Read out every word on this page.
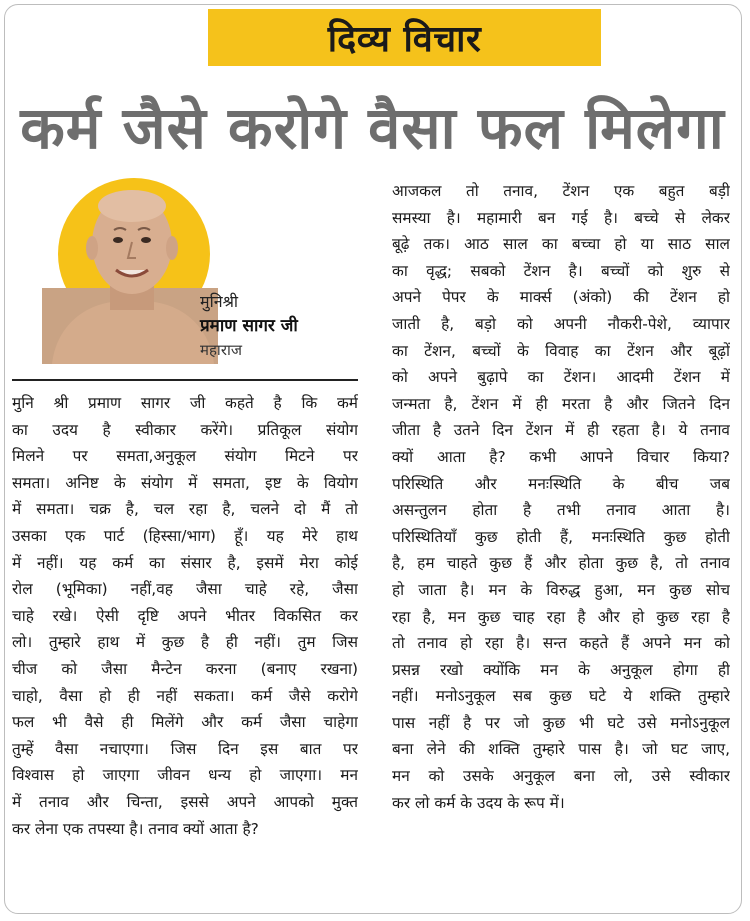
दिव्य विचार
कर्म जैसे करोगे वैसा फल मिलेगा
मुनिश्री
प्रमाण सागर जी
महाराज
मुनि श्री प्रमाण सागर जी कहते है कि कर्म
का उदय है स्वीकार करेंगे। प्रतिकूल संयोग
मिलने पर समता,अनुकूल संयोग मिटने पर
समता। अनिष्ट के संयोग में समता, इष्ट के वियोग
में समता। चक्र है, चल रहा है, चलने दो मैं तो
उसका एक पार्ट (हिस्सा/भाग) हूँ। यह मेरे हाथ
में नहीं। यह कर्म का संसार है, इसमें मेरा कोई
रोल (भूमिका) नहीं,वह जैसा चाहे रहे, जैसा
चाहे रखे। ऐसी दृष्टि अपने भीतर विकसित कर
लो। तुम्हारे हाथ में कुछ है ही नहीं। तुम जिस
चीज को जैसा मैन्टेन करना (बनाए रखना)
चाहो, वैसा हो ही नहीं सकता। कर्म जैसे करोगे
फल भी वैसे ही मिलेंगे और कर्म जैसा चाहेगा
तुम्हें वैसा नचाएगा। जिस दिन इस बात पर
विश्वास हो जाएगा जीवन धन्य हो जाएगा। मन
में तनाव और चिन्ता, इससे अपने आपको मुक्त
कर लेना एक तपस्या है। तनाव क्यों आता है?
आजकल तो तनाव, टेंशन एक बहुत बड़ी
समस्या है। महामारी बन गई है। बच्चे से लेकर
बूढ़े तक। आठ साल का बच्चा हो या साठ साल
का वृद्ध; सबको टेंशन है। बच्चों को शुरु से
अपने पेपर के मार्क्स (अंको) की टेंशन हो
जाती है, बड़ो को अपनी नौकरी-पेशे, व्यापार
का टेंशन, बच्चों के विवाह का टेंशन और बूढ़ों
को अपने बुढ़ापे का टेंशन। आदमी टेंशन में
जन्मता है, टेंशन में ही मरता है और जितने दिन
जीता है उतने दिन टेंशन में ही रहता है। ये तनाव
क्यों आता है? कभी आपने विचार किया?
परिस्थिति और मनःस्थिति के बीच जब
असन्तुलन होता है तभी तनाव आता है।
परिस्थितियाँ कुछ होती हैं, मनःस्थिति कुछ होती
है, हम चाहते कुछ हैं और होता कुछ है, तो तनाव
हो जाता है। मन के विरुद्ध हुआ, मन कुछ सोच
रहा है, मन कुछ चाह रहा है और हो कुछ रहा है
तो तनाव हो रहा है। सन्त कहते हैं अपने मन को
प्रसन्न रखो क्योंकि मन के अनुकूल होगा ही
नहीं। मनोऽनुकूल सब कुछ घटे ये शक्ति तुम्हारे
पास नहीं है पर जो कुछ भी घटे उसे मनोऽनुकूल
बना लेने की शक्ति तुम्हारे पास है। जो घट जाए,
मन को उसके अनुकूल बना लो, उसे स्वीकार
कर लो कर्म के उदय के रूप में।
